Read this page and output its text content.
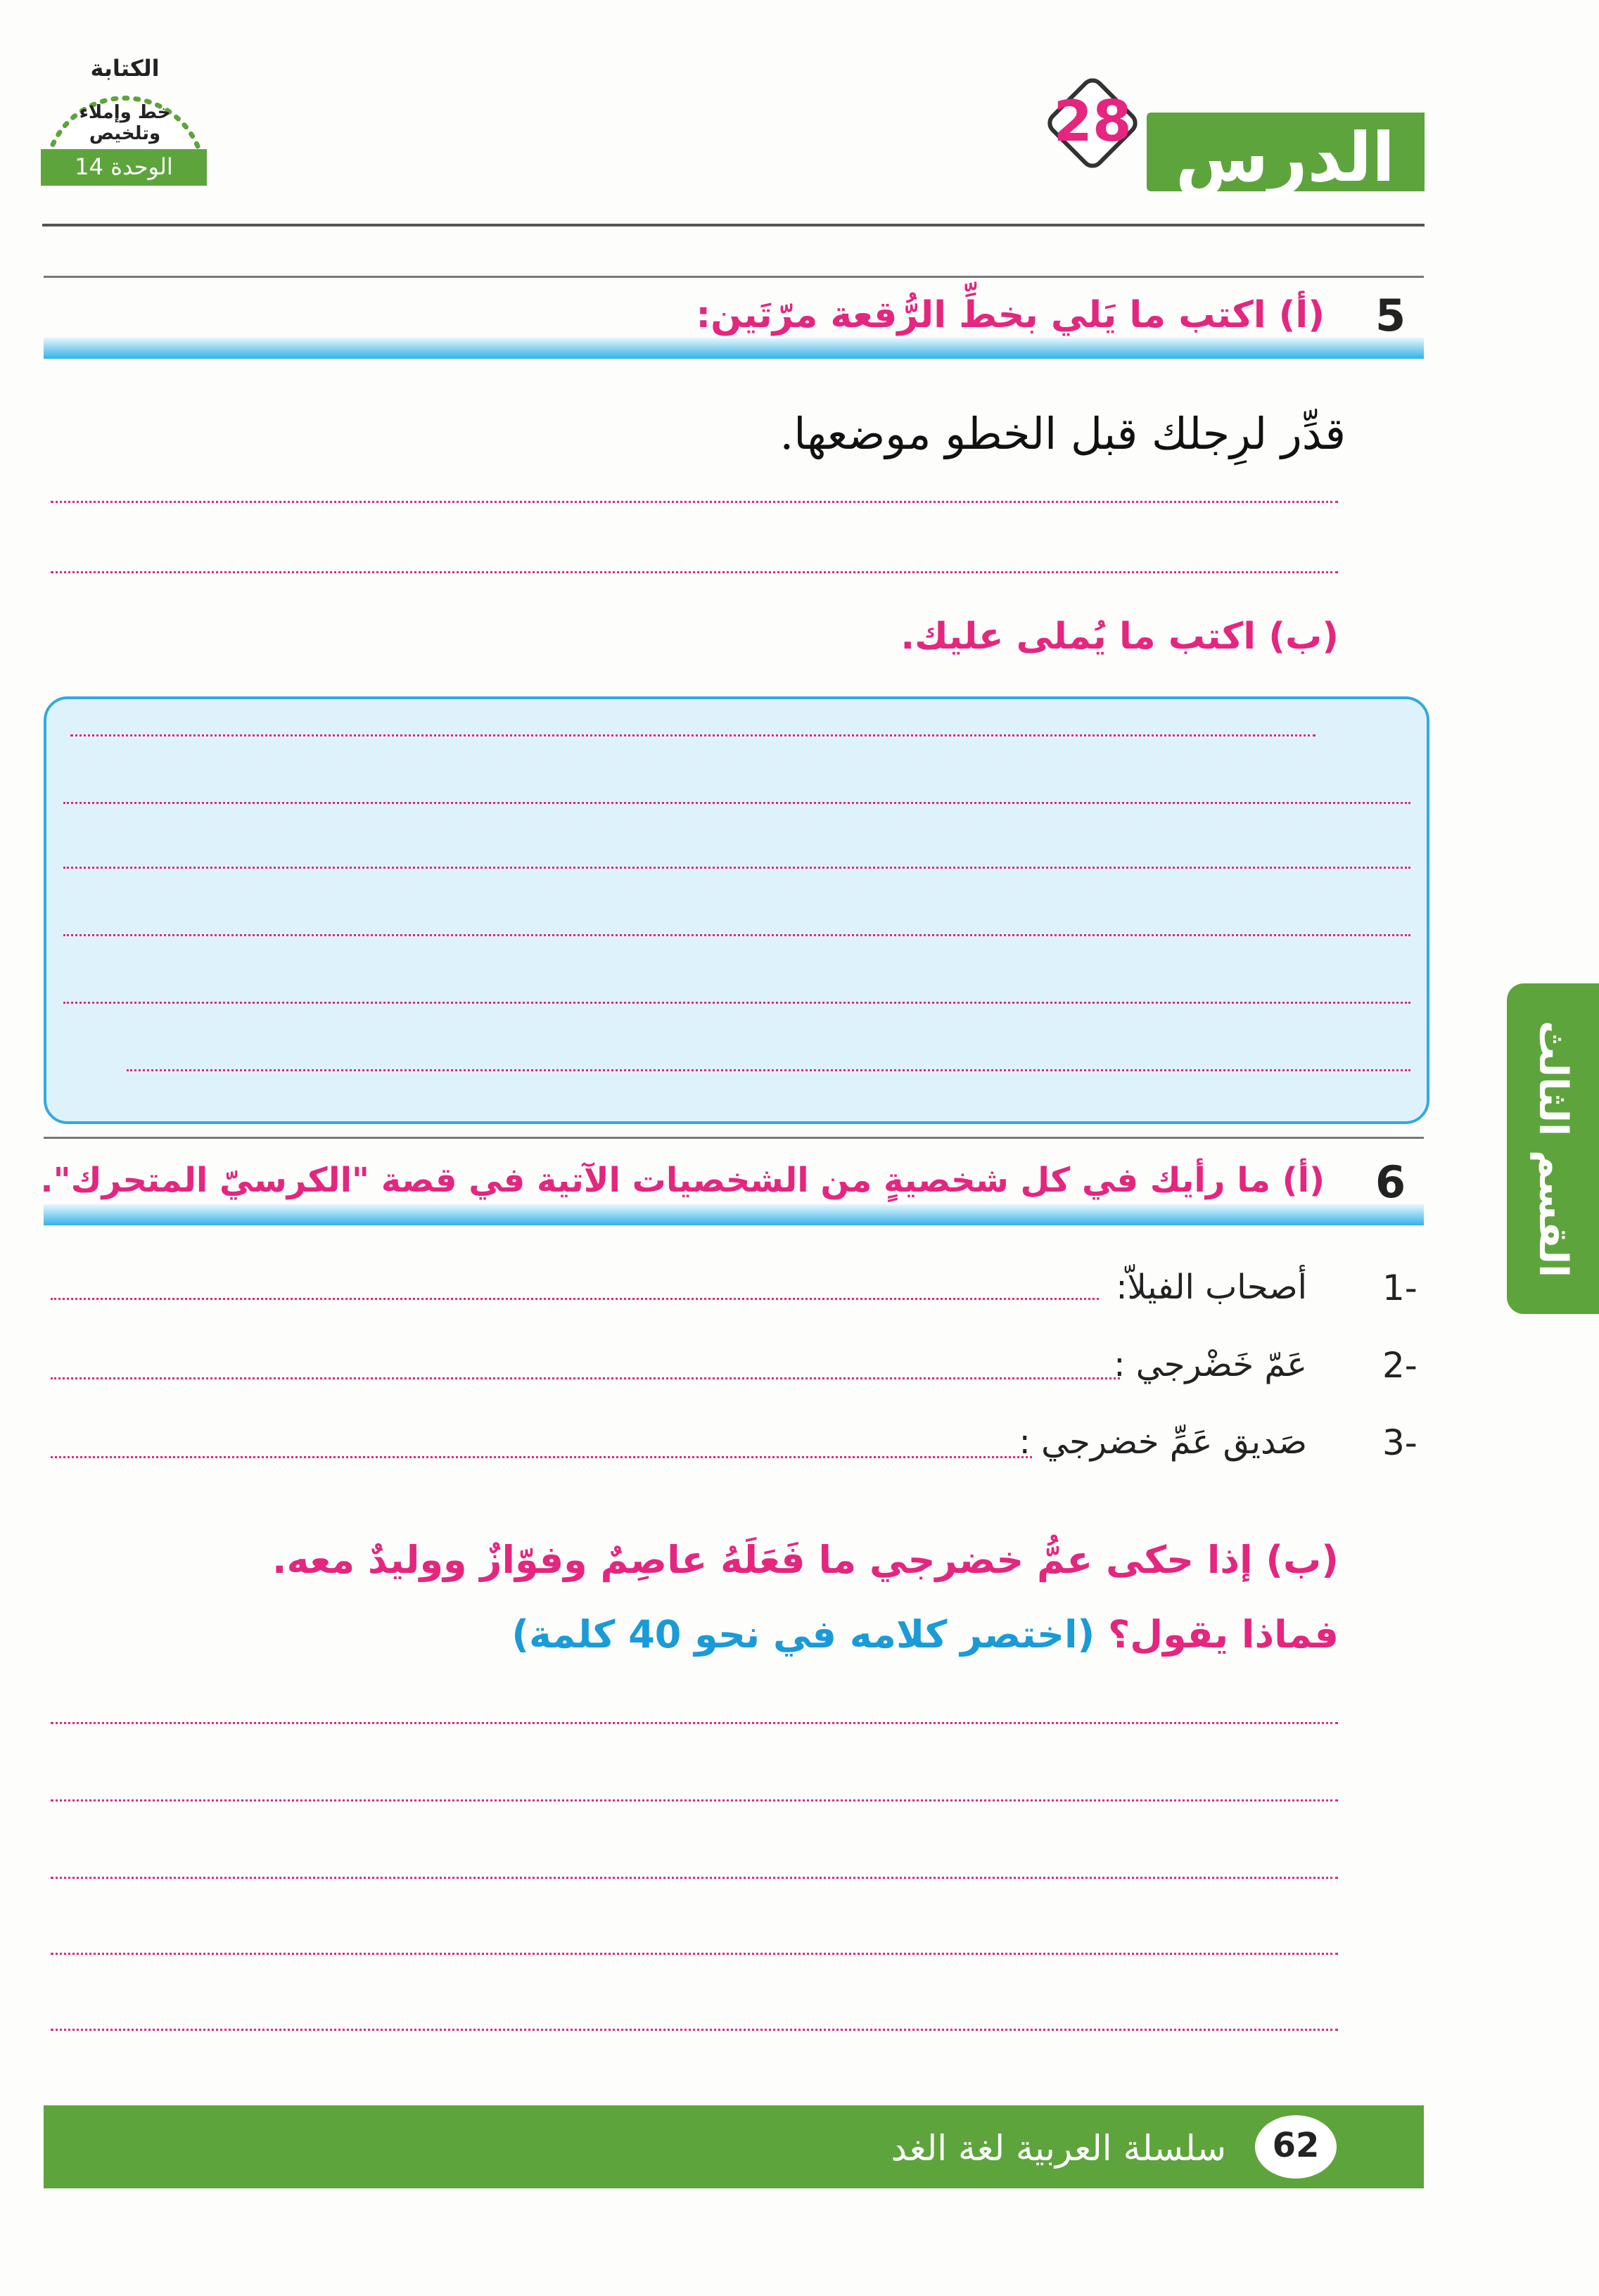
الدرس
28
الكتابة
خط وإملاء وتلخيص
الوحدة 14
5
(أ) اكتب ما يَلي بخطِّ الرُّقعة مرّتَين:
قدِّر لرِجلك قبل الخطو موضعها.
(ب) اكتب ما يُملى عليك.
6
(أ) ما رأيك في كل شخصيةٍ من الشخصيات الآتية في قصة "الكرسيّ المتحرك".
1-
أصحاب الفيلاّ:
2-
عَمّ خَضْرجي :
3-
صَديق عَمِّ خضرجي :
(ب) إذا حكى عمُّ خضرجي ما فَعَلَهُ عاصِمٌ وفوّازٌ ووليدٌ معه.
فماذا يقول؟ (اختصر كلامه في نحو 40 كلمة)
القسم الثالث
62
سلسلة العربية لغة الغد
